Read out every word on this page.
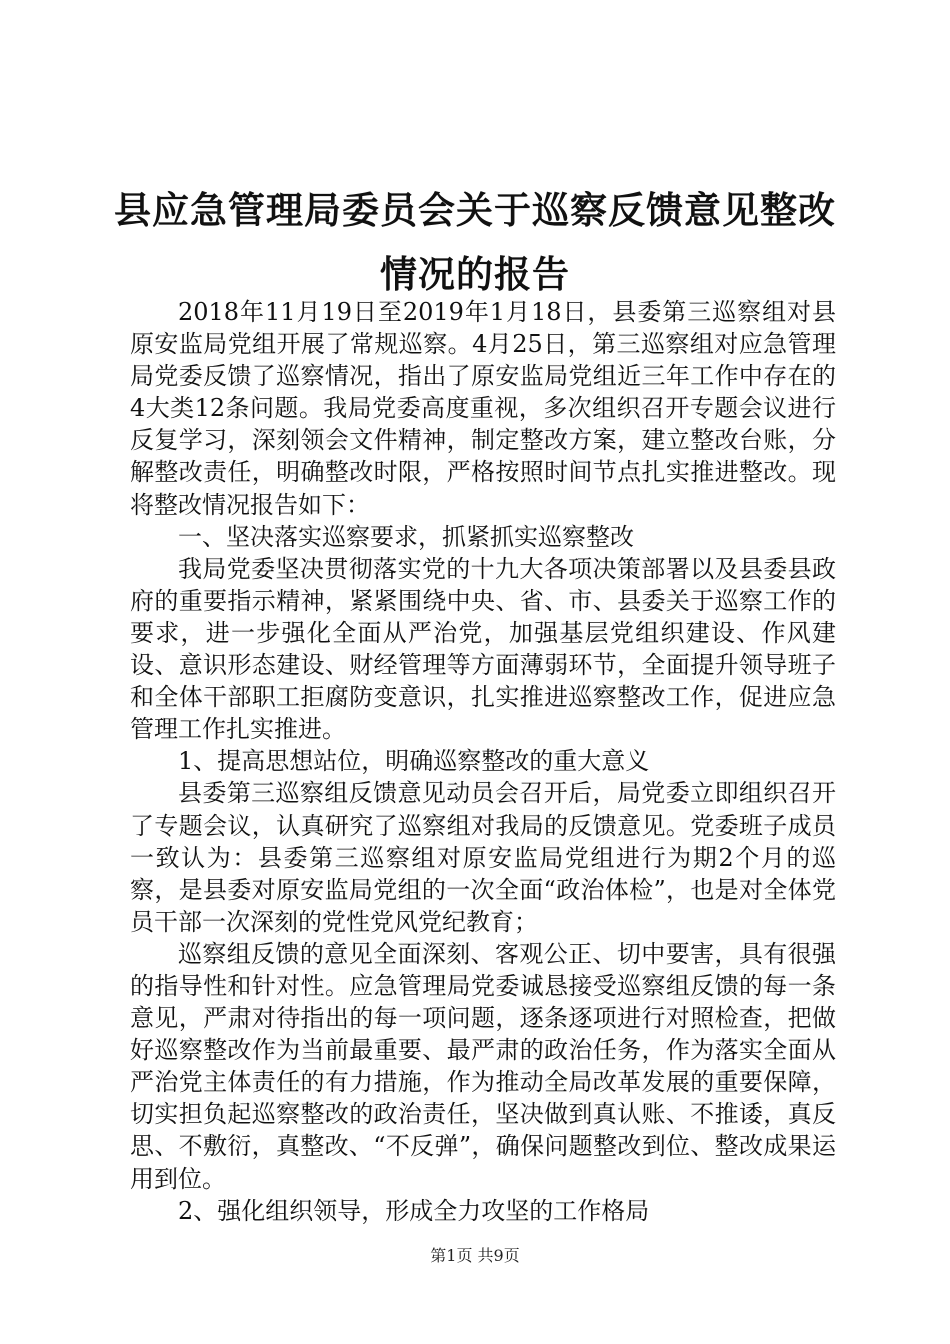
县应急管理局委员会关于巡察反馈意见整改情况的报告

2018年11月19日至2019年1月18日，县委第三巡察组对县原安监局党组开展了常规巡察。4月25日，第三巡察组对应急管理局党委反馈了巡察情况，指出了原安监局党组近三年工作中存在的4大类12条问题。我局党委高度重视，多次组织召开专题会议进行反复学习，深刻领会文件精神，制定整改方案，建立整改台账，分解整改责任，明确整改时限，严格按照时间节点扎实推进整改。现将整改情况报告如下：

一、坚决落实巡察要求，抓紧抓实巡察整改

我局党委坚决贯彻落实党的十九大各项决策部署以及县委县政府的重要指示精神，紧紧围绕中央、省、市、县委关于巡察工作的要求，进一步强化全面从严治党，加强基层党组织建设、作风建设、意识形态建设、财经管理等方面薄弱环节，全面提升领导班子和全体干部职工拒腐防变意识，扎实推进巡察整改工作，促进应急管理工作扎实推进。

1、提高思想站位，明确巡察整改的重大意义

县委第三巡察组反馈意见动员会召开后，局党委立即组织召开了专题会议，认真研究了巡察组对我局的反馈意见。党委班子成员一致认为：县委第三巡察组对原安监局党组进行为期2个月的巡察，是县委对原安监局党组的一次全面“政治体检”，也是对全体党员干部一次深刻的党性党风党纪教育；

巡察组反馈的意见全面深刻、客观公正、切中要害，具有很强的指导性和针对性。应急管理局党委诚恳接受巡察组反馈的每一条意见，严肃对待指出的每一项问题，逐条逐项进行对照检查，把做好巡察整改作为当前最重要、最严肃的政治任务，作为落实全面从严治党主体责任的有力措施，作为推动全局改革发展的重要保障，切实担负起巡察整改的政治责任，坚决做到真认账、不推诿，真反思、不敷衍，真整改、“不反弹”，确保问题整改到位、整改成果运用到位。

2、强化组织领导，形成全力攻坚的工作格局

第1页 共9页
